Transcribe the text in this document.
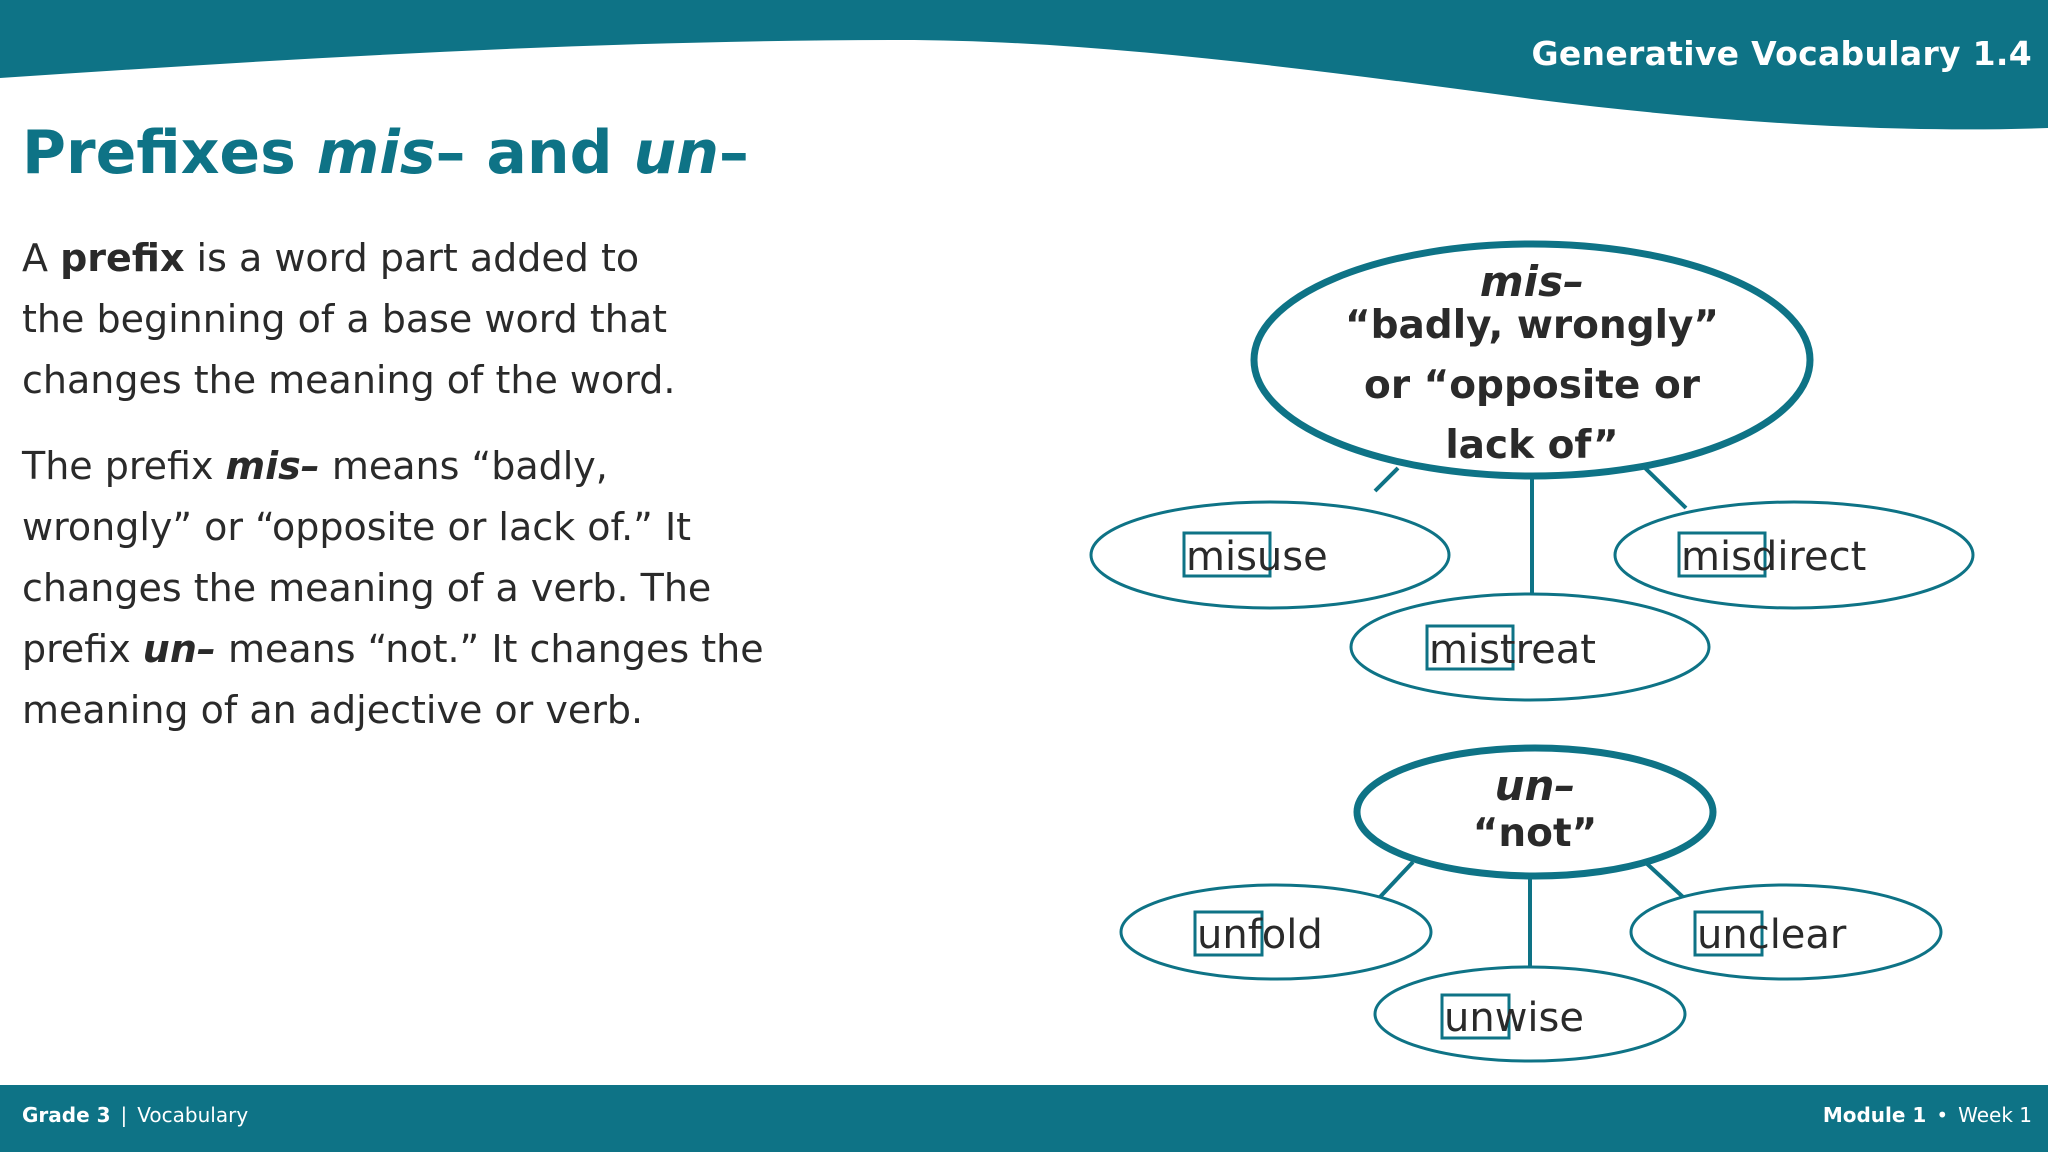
Generative Vocabulary 1.4
Prefixes mis– and un–

A prefix is a word part added to
the beginning of a base word that
changes the meaning of the word.

The prefix mis– means “badly,
wrongly” or “opposite or lack of.” It
changes the meaning of a verb. The
prefix un– means “not.” It changes the
meaning of an adjective or verb.

mis–
“badly, wrongly”
or “opposite or
lack of”
misuse
mistreat
misdirect
un–
“not”
unfold
unwise
unclear
Grade 3 | Vocabulary	Module 1 • Week 1
